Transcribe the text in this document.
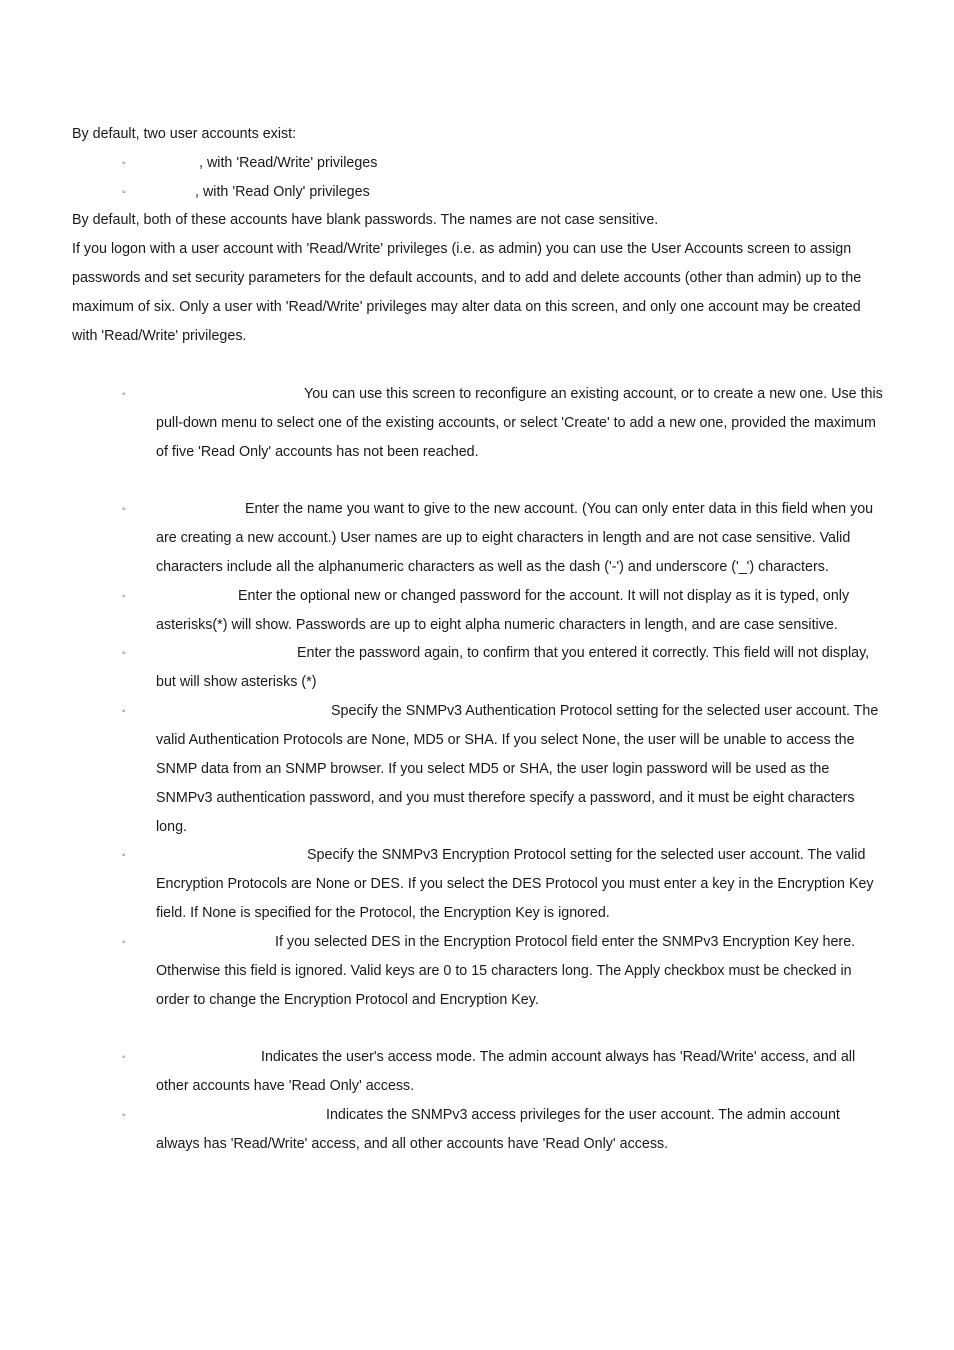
By default, two user accounts exist:

◦	, with 'Read/Write' privileges
◦	, with 'Read Only' privileges

By default, both of these accounts have blank passwords. The names are not case sensitive.

If you logon with a user account with 'Read/Write' privileges (i.e. as admin) you can use the User Accounts screen to assign passwords and set security parameters for the default accounts, and to add and delete accounts (other than admin) up to the maximum of six. Only a user with 'Read/Write' privileges may alter data on this screen, and only one account may be created with 'Read/Write' privileges.

◦	You can use this screen to reconfigure an existing account, or to create a new one. Use this pull-down menu to select one of the existing accounts, or select 'Create' to add a new one, provided the maximum of five 'Read Only' accounts has not been reached.
◦	Enter the name you want to give to the new account. (You can only enter data in this field when you are creating a new account.) User names are up to eight characters in length and are not case sensitive. Valid characters include all the alphanumeric characters as well as the dash ('-') and underscore ('_') characters.
◦	Enter the optional new or changed password for the account. It will not display as it is typed, only asterisks(*) will show. Passwords are up to eight alpha numeric characters in length, and are case sensitive.
◦	Enter the password again, to confirm that you entered it correctly. This field will not display, but will show asterisks (*)
◦	Specify the SNMPv3 Authentication Protocol setting for the selected user account. The valid Authentication Protocols are None, MD5 or SHA. If you select None, the user will be unable to access the SNMP data from an SNMP browser. If you select MD5 or SHA, the user login password will be used as the SNMPv3 authentication password, and you must therefore specify a password, and it must be eight characters long.
◦	Specify the SNMPv3 Encryption Protocol setting for the selected user account. The valid Encryption Protocols are None or DES. If you select the DES Protocol you must enter a key in the Encryption Key field. If None is specified for the Protocol, the Encryption Key is ignored.
◦	If you selected DES in the Encryption Protocol field enter the SNMPv3 Encryption Key here. Otherwise this field is ignored. Valid keys are 0 to 15 characters long. The Apply checkbox must be checked in order to change the Encryption Protocol and Encryption Key.
◦	Indicates the user's access mode. The admin account always has 'Read/Write' access, and all other accounts have 'Read Only' access.
◦	Indicates the SNMPv3 access privileges for the user account. The admin account always has 'Read/Write' access, and all other accounts have 'Read Only' access.
